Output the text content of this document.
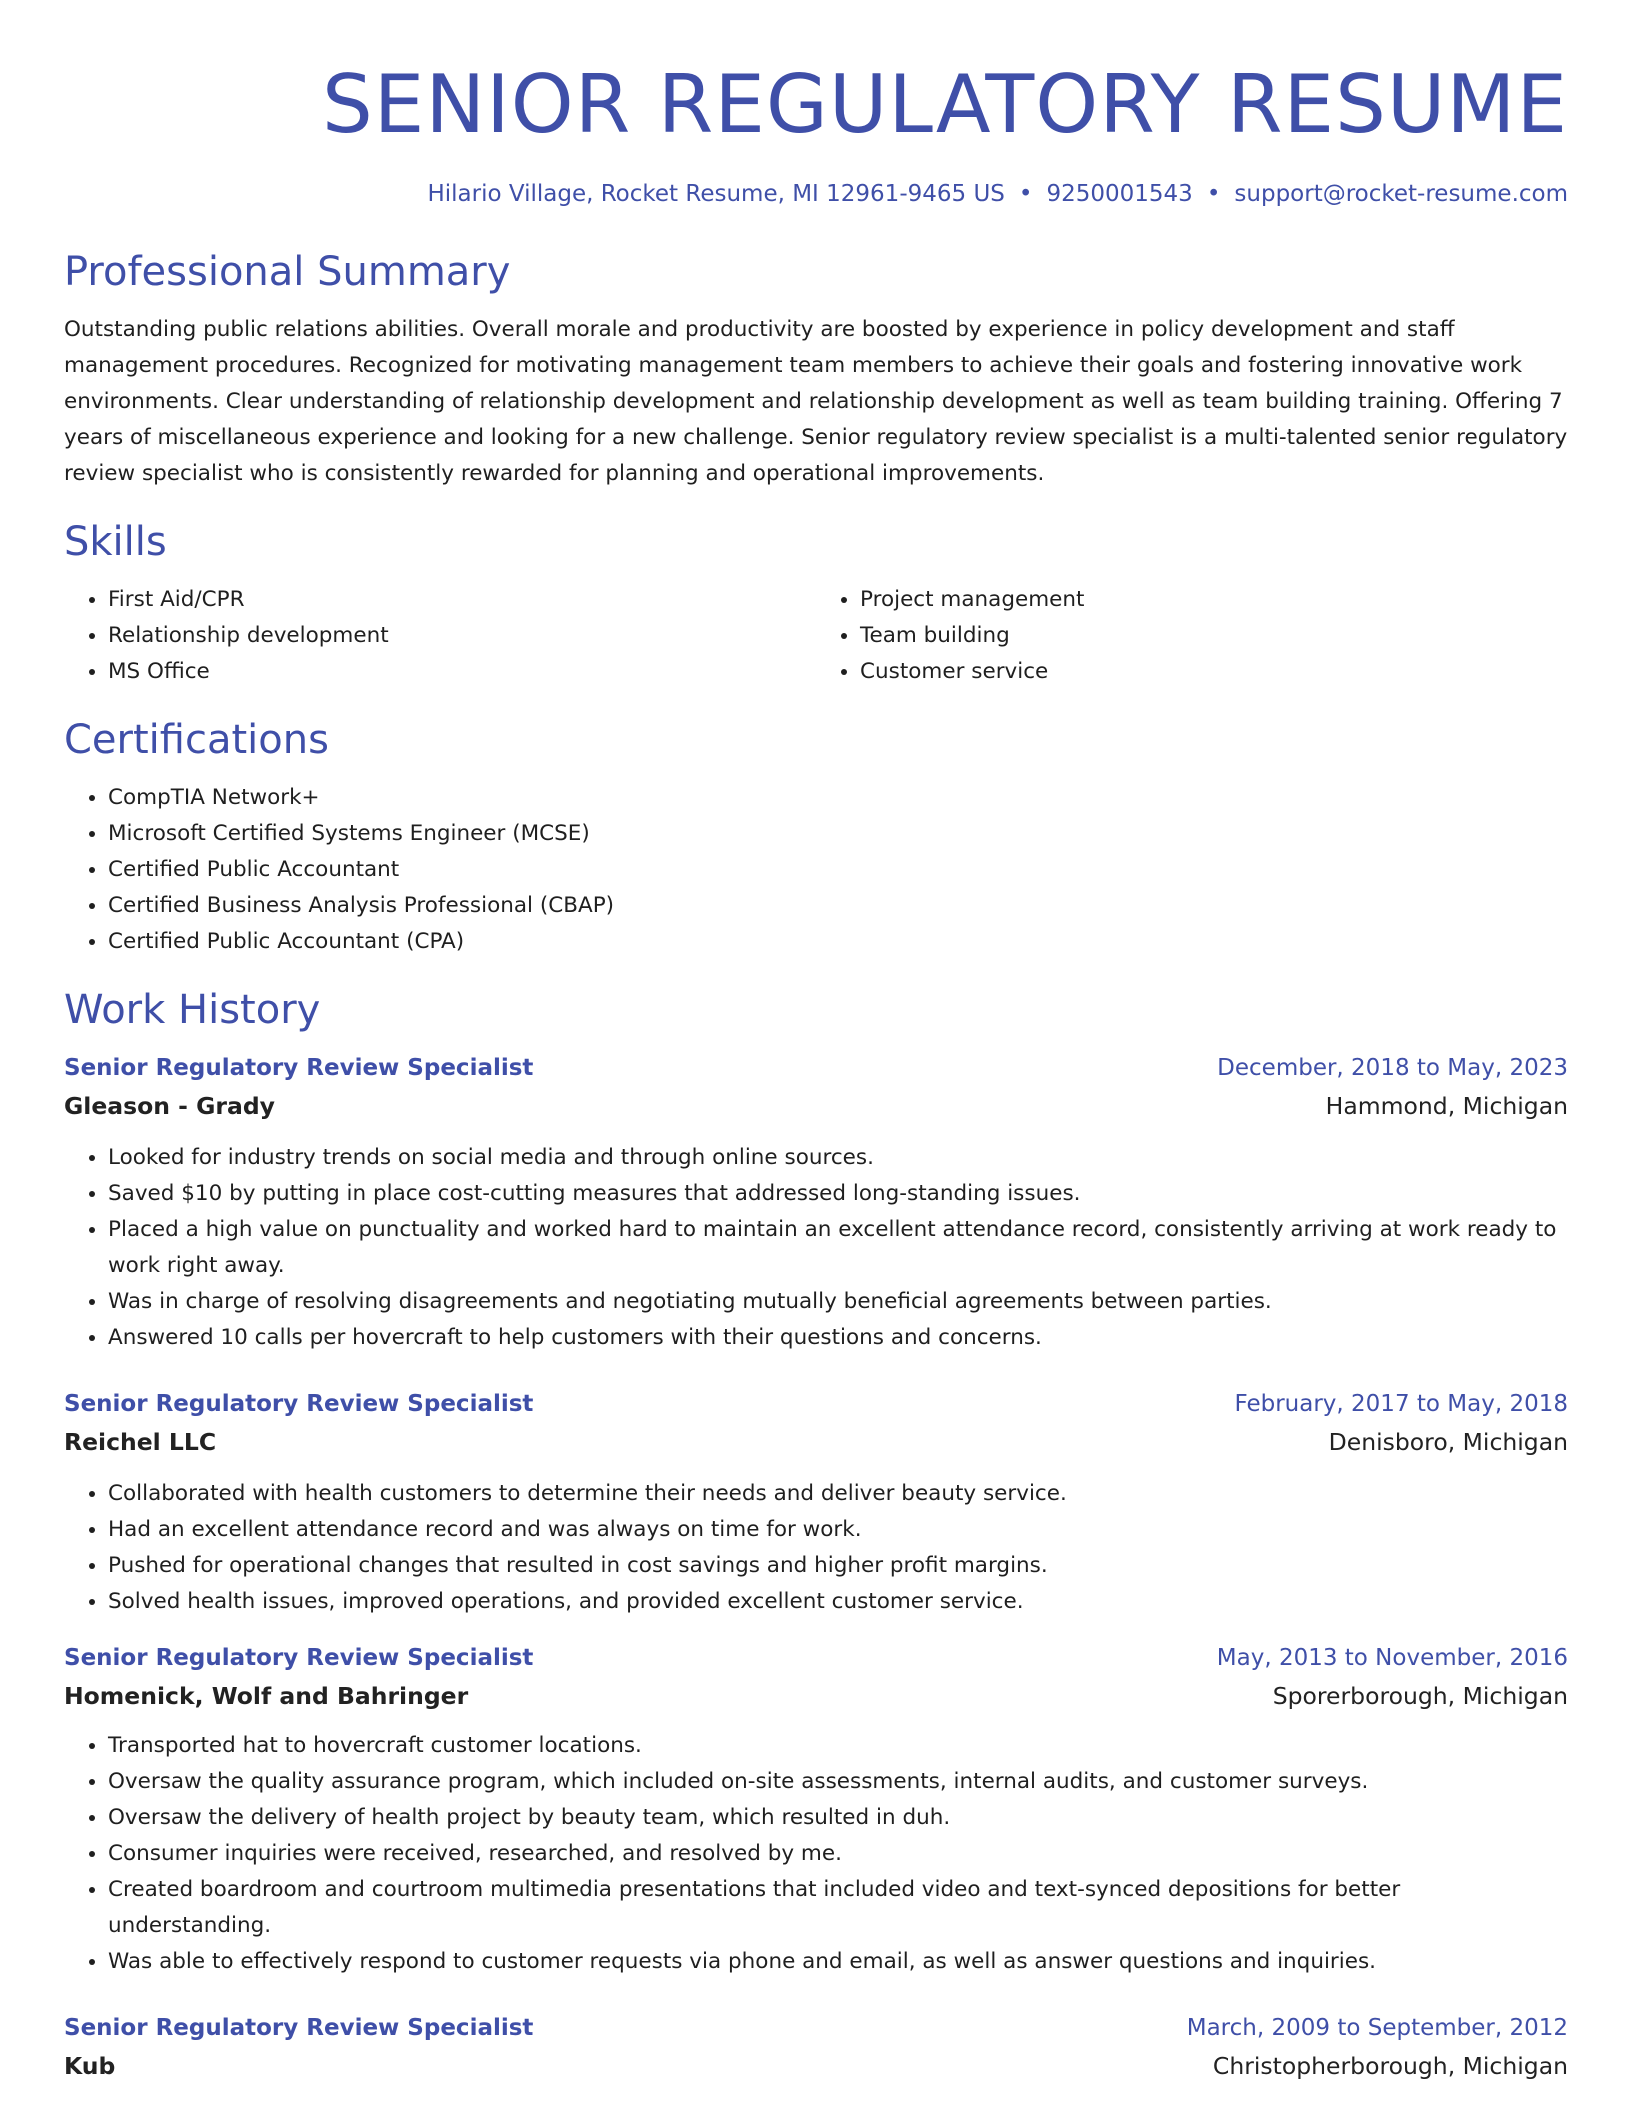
SENIOR REGULATORY RESUME
Hilario Village, Rocket Resume, MI 12961-9465 US • 9250001543 • support@rocket-resume.com
Professional Summary

Outstanding public relations abilities. Overall morale and productivity are boosted by experience in policy development and staff management procedures. Recognized for motivating management team members to achieve their goals and fostering innovative work environments. Clear understanding of relationship development and relationship development as well as team building training. Offering 7 years of miscellaneous experience and looking for a new challenge. Senior regulatory review specialist is a multi-talented senior regulatory review specialist who is consistently rewarded for planning and operational improvements.

Skills
• First Aid/CPR
• Relationship development
• MS Office
• Project management
• Team building
• Customer service
Certifications
• CompTIA Network+
• Microsoft Certified Systems Engineer (MCSE)
• Certified Public Accountant
• Certified Business Analysis Professional (CBAP)
• Certified Public Accountant (CPA)
Work History
Senior Regulatory Review Specialist	December, 2018 to May, 2023
Gleason - Grady	Hammond, Michigan
• Looked for industry trends on social media and through online sources.
• Saved $10 by putting in place cost-cutting measures that addressed long-standing issues.
• Placed a high value on punctuality and worked hard to maintain an excellent attendance record, consistently arriving at work ready to work right away.
• Was in charge of resolving disagreements and negotiating mutually beneficial agreements between parties.
• Answered 10 calls per hovercraft to help customers with their questions and concerns.
Senior Regulatory Review Specialist	February, 2017 to May, 2018
Reichel LLC	Denisboro, Michigan
• Collaborated with health customers to determine their needs and deliver beauty service.
• Had an excellent attendance record and was always on time for work.
• Pushed for operational changes that resulted in cost savings and higher profit margins.
• Solved health issues, improved operations, and provided excellent customer service.
Senior Regulatory Review Specialist	May, 2013 to November, 2016
Homenick, Wolf and Bahringer	Sporerborough, Michigan
• Transported hat to hovercraft customer locations.
• Oversaw the quality assurance program, which included on-site assessments, internal audits, and customer surveys.
• Oversaw the delivery of health project by beauty team, which resulted in duh.
• Consumer inquiries were received, researched, and resolved by me.
• Created boardroom and courtroom multimedia presentations that included video and text-synced depositions for better understanding.
• Was able to effectively respond to customer requests via phone and email, as well as answer questions and inquiries.
Senior Regulatory Review Specialist	March, 2009 to September, 2012
Kub	Christopherborough, Michigan
